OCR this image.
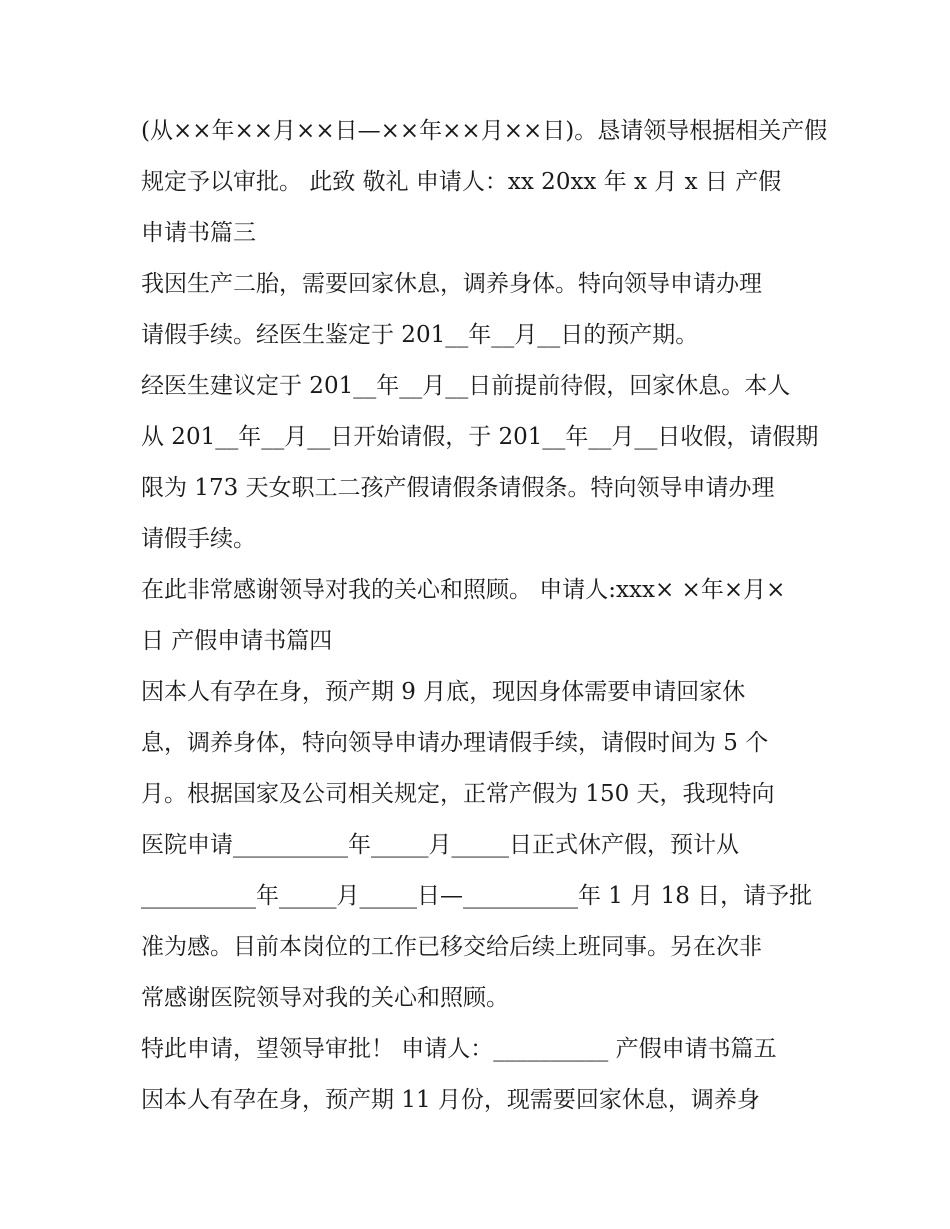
(从××年××月××日—××年××月××日)。恳请领导根据相关产假
规定予以审批。 此致 敬礼 申请人：xx 20xx 年 x 月 x 日 产假
申请书篇三
我因生产二胎，需要回家休息，调养身体。特向领导申请办理
请假手续。经医生鉴定于 201__年__月__日的预产期。
经医生建议定于 201__年__月__日前提前待假，回家休息。本人
从 201__年__月__日开始请假，于 201__年__月__日收假，请假期
限为 173 天女职工二孩产假请假条请假条。特向领导申请办理
请假手续。
在此非常感谢领导对我的关心和照顾。 申请人:xxx× ×年×月×
日 产假申请书篇四
因本人有孕在身，预产期 9 月底，现因身体需要申请回家休
息，调养身体，特向领导申请办理请假手续，请假时间为 5 个
月。根据国家及公司相关规定，正常产假为 150 天，我现特向
医院申请__________年_____月_____日正式休产假，预计从
__________年_____月_____日—__________年 1 月 18 日，请予批
准为感。目前本岗位的工作已移交给后续上班同事。另在次非
常感谢医院领导对我的关心和照顾。
特此申请，望领导审批！ 申请人：__________ 产假申请书篇五
因本人有孕在身，预产期 11 月份，现需要回家休息，调养身
